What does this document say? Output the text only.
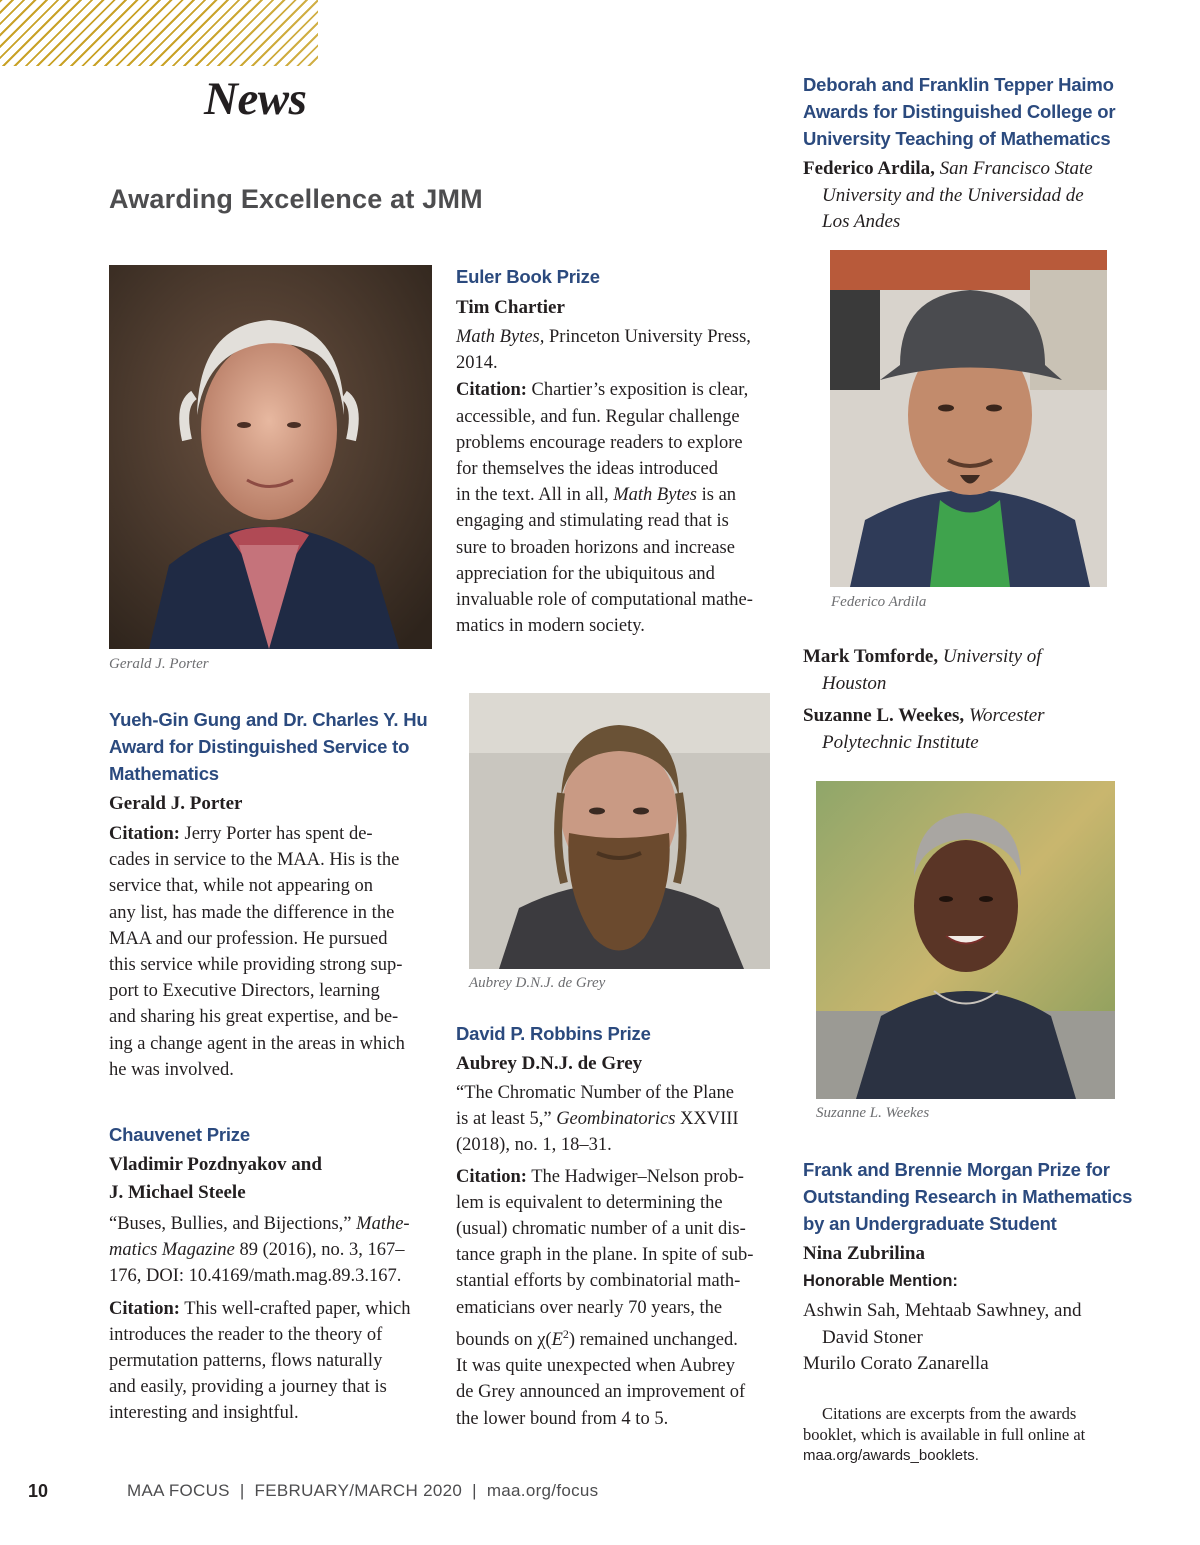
News
Awarding Excellence at JMM
Gerald J. Porter
Yueh-Gin Gung and Dr. Charles Y. Hu
Award for Distinguished Service to
Mathematics
Gerald J. Porter
Citation: Jerry Porter has spent de-
cades in service to the MAA. His is the
service that, while not appearing on
any list, has made the difference in the
MAA and our profession. He pursued
this service while providing strong sup-
port to Executive Directors, learning
and sharing his great expertise, and be-
ing a change agent in the areas in which
he was involved.
Chauvenet Prize
Vladimir Pozdnyakov and
J. Michael Steele
“Buses, Bullies, and Bijections,” Mathe-
matics Magazine 89 (2016), no. 3, 167–
176, DOI: 10.4169/math.mag.89.3.167.
Citation: This well-crafted paper, which
introduces the reader to the theory of
permutation patterns, flows naturally
and easily, providing a journey that is
interesting and insightful.
Euler Book Prize
Tim Chartier
Math Bytes, Princeton University Press,
2014.
Citation: Chartier’s exposition is clear,
accessible, and fun. Regular challenge
problems encourage readers to explore
for themselves the ideas introduced
in the text. All in all, Math Bytes is an
engaging and stimulating read that is
sure to broaden horizons and increase
appreciation for the ubiquitous and
invaluable role of computational mathe-
matics in modern society.
Aubrey D.N.J. de Grey
David P. Robbins Prize
Aubrey D.N.J. de Grey
“The Chromatic Number of the Plane
is at least 5,” Geombinatorics XXVIII
(2018), no. 1, 18–31.
Citation: The Hadwiger–Nelson prob-
lem is equivalent to determining the
(usual) chromatic number of a unit dis-
tance graph in the plane. In spite of sub-
stantial efforts by combinatorial math-
ematicians over nearly 70 years, the
bounds on $\chi(E^2)$ remained unchanged.
It was quite unexpected when Aubrey
de Grey announced an improvement of
the lower bound from 4 to 5.
Deborah and Franklin Tepper Haimo
Awards for Distinguished College or
University Teaching of Mathematics
Federico Ardila, San Francisco State
University and the Universidad de
Los Andes
Federico Ardila
Mark Tomforde, University of
Houston
Suzanne L. Weekes, Worcester
Polytechnic Institute
Suzanne L. Weekes
Frank and Brennie Morgan Prize for
Outstanding Research in Mathematics
by an Undergraduate Student
Nina Zubrilina
Honorable Mention:
Ashwin Sah, Mehtaab Sawhney, and
David Stoner
Murilo Corato Zanarella
Citations are excerpts from the awards
booklet, which is available in full online at
maa.org/awards_booklets.
10	MAA FOCUS | FEBRUARY/MARCH 2020 | maa.org/focus
